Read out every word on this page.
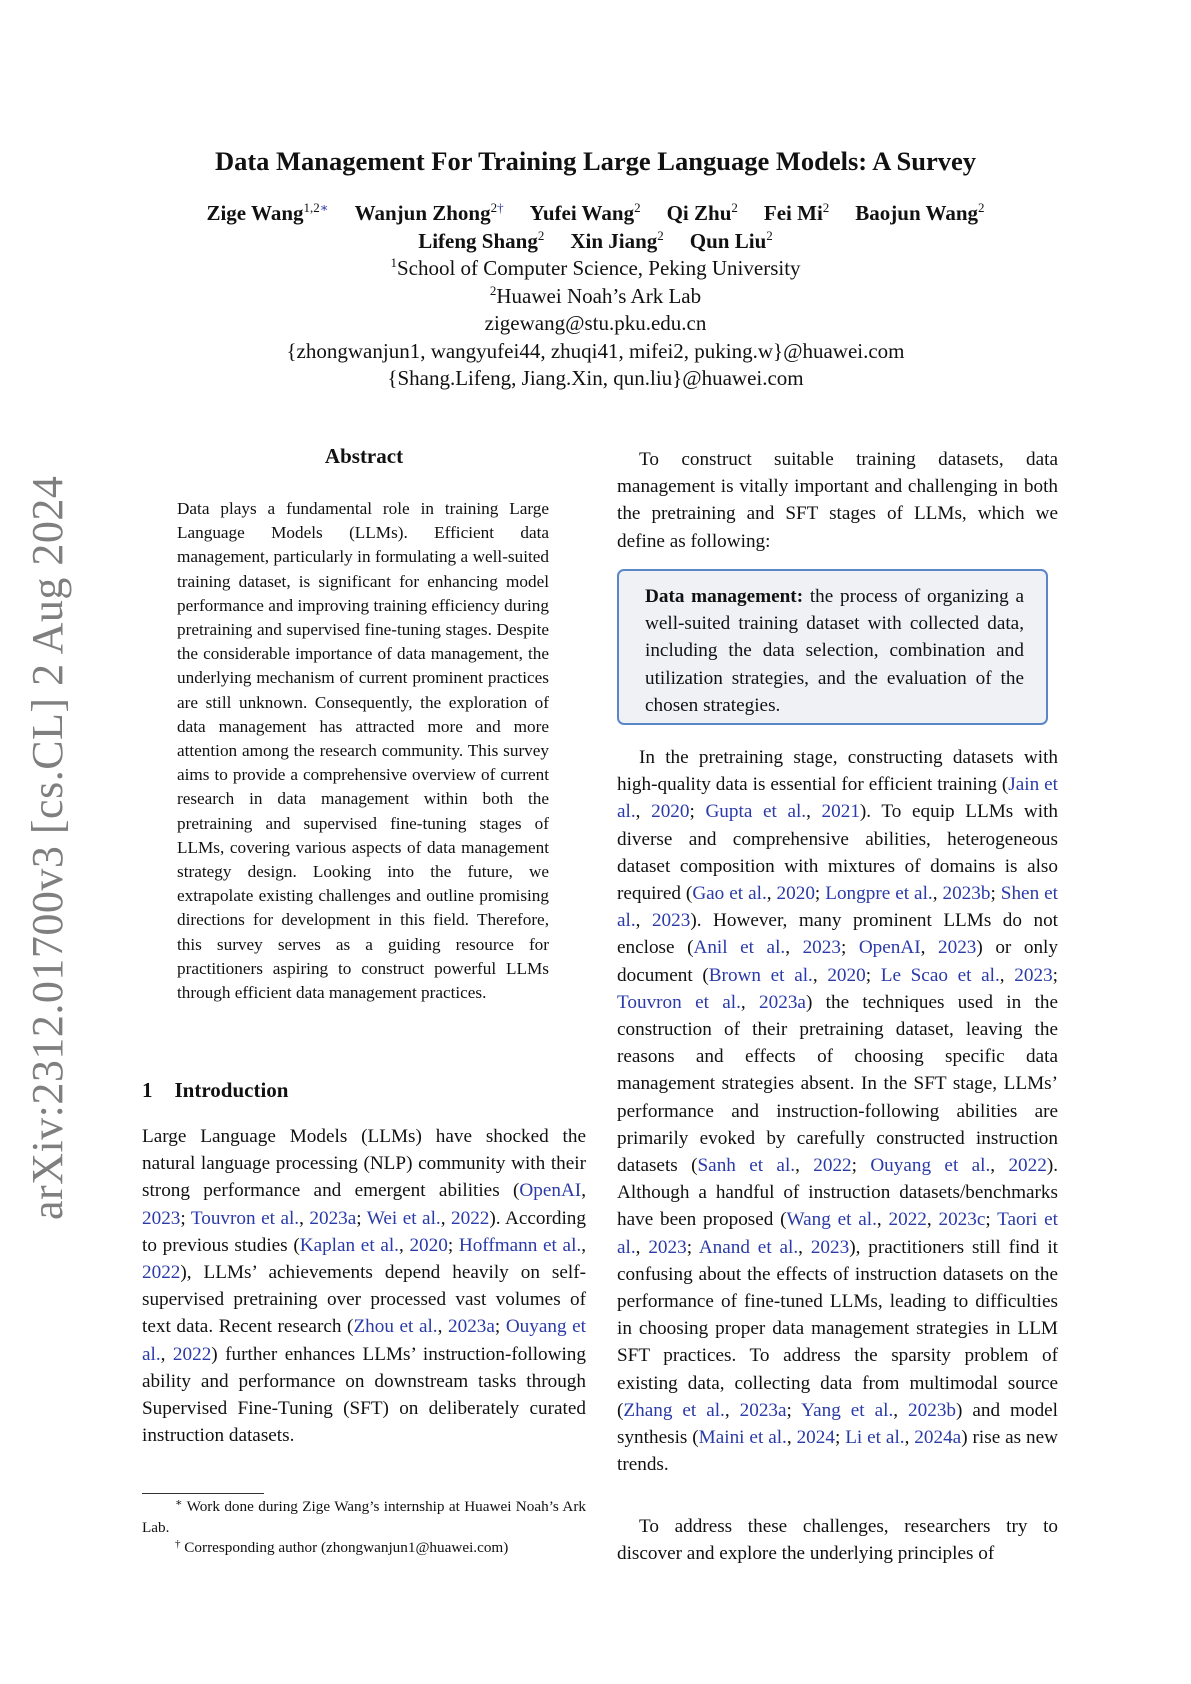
arXiv:2312.01700v3 [cs.CL] 2 Aug 2024
Data Management For Training Large Language Models: A Survey
Zige Wang$^{1,2∗}$ Wanjun Zhong$^{2\dagger}$ Yufei Wang$^2$ Qi Zhu$^2$ Fei Mi$^2$ Baojun Wang$^2$
Lifeng Shang$^2$ Xin Jiang$^2$ Qun Liu$^2$
$^1$School of Computer Science, Peking University
$^2$Huawei Noah’s Ark Lab
zigewang@stu.pku.edu.cn
{zhongwanjun1, wangyufei44, zhuqi41, mifei2, puking.w}@huawei.com
{Shang.Lifeng, Jiang.Xin, qun.liu}@huawei.com
Abstract
Data plays a fundamental role in training Large Language Models (LLMs). Efficient data management, particularly in formulating a well-suited training dataset, is significant for enhancing model performance and improving training efficiency during pretraining and supervised fine-tuning stages. Despite the considerable importance of data management, the underlying mechanism of current prominent practices are still unknown. Consequently, the exploration of data management has attracted more and more attention among the research community. This survey aims to provide a comprehensive overview of current research in data management within both the pretraining and supervised fine-tuning stages of LLMs, covering various aspects of data management strategy design. Looking into the future, we extrapolate existing challenges and outline promising directions for development in this field. Therefore, this survey serves as a guiding resource for practitioners aspiring to construct powerful LLMs through efficient data management practices.
1 Introduction

Large Language Models (LLMs) have shocked the natural language processing (NLP) community with their strong performance and emergent abilities (OpenAI, 2023; Touvron et al., 2023a; Wei et al., 2022). According to previous studies (Kaplan et al., 2020; Hoffmann et al., 2022), LLMs’ achievements depend heavily on self-supervised pretraining over processed vast volumes of text data. Recent research (Zhou et al., 2023a; Ouyang et al., 2022) further enhances LLMs’ instruction-following ability and performance on downstream tasks through Supervised Fine-Tuning (SFT) on deliberately curated instruction datasets.

∗ Work done during Zige Wang’s internship at Huawei Noah’s Ark Lab.

† Corresponding author (zhongwanjun1@huawei.com)

To construct suitable training datasets, data management is vitally important and challenging in both the pretraining and SFT stages of LLMs, which we define as following:

Data management: the process of organizing a well-suited training dataset with collected data, including the data selection, combination and utilization strategies, and the evaluation of the chosen strategies.

In the pretraining stage, constructing datasets with high-quality data is essential for efficient training (Jain et al., 2020; Gupta et al., 2021). To equip LLMs with diverse and comprehensive abilities, heterogeneous dataset composition with mixtures of domains is also required (Gao et al., 2020; Longpre et al., 2023b; Shen et al., 2023). However, many prominent LLMs do not enclose (Anil et al., 2023; OpenAI, 2023) or only document (Brown et al., 2020; Le Scao et al., 2023; Touvron et al., 2023a) the techniques used in the construction of their pretraining dataset, leaving the reasons and effects of choosing specific data management strategies absent. In the SFT stage, LLMs’ performance and instruction-following abilities are primarily evoked by carefully constructed instruction datasets (Sanh et al., 2022; Ouyang et al., 2022). Although a handful of instruction datasets/benchmarks have been proposed (Wang et al., 2022, 2023c; Taori et al., 2023; Anand et al., 2023), practitioners still find it confusing about the effects of instruction datasets on the performance of fine-tuned LLMs, leading to difficulties in choosing proper data management strategies in LLM SFT practices. To address the sparsity problem of existing data, collecting data from multimodal source (Zhang et al., 2023a; Yang et al., 2023b) and model synthesis (Maini et al., 2024; Li et al., 2024a) rise as new trends.

To address these challenges, researchers try to discover and explore the underlying principles of
